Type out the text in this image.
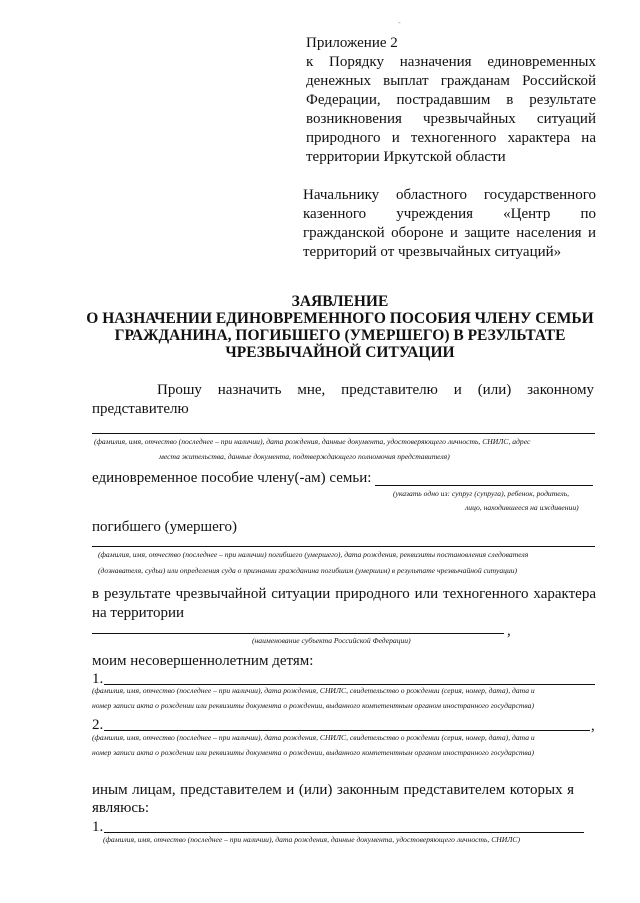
-
Приложение 2
к Порядку назначения единовременных
денежных выплат гражданам Российской
Федерации, пострадавшим в результате
возникновения чрезвычайных ситуаций
природного и техногенного характера на
территории Иркутской области
Начальнику областного государственного
казенного учреждения «Центр по
гражданской обороне и защите населения и
территорий от чрезвычайных ситуаций»
ЗАЯВЛЕНИЕ
О НАЗНАЧЕНИИ ЕДИНОВРЕМЕННОГО ПОСОБИЯ ЧЛЕНУ СЕМЬИ
ГРАЖДАНИНА, ПОГИБШЕГО (УМЕРШЕГО) В РЕЗУЛЬТАТЕ
ЧРЕЗВЫЧАЙНОЙ СИТУАЦИИ
Прошу назначить мне, представителю и (или) законному
представителю
(фамилия, имя, отчество (последнее – при наличии), дата рождения, данные документа, удостоверяющего личность, СНИЛС, адрес
места жительства, данные документа, подтверждающего полномочия представителя)
единовременное пособие члену(-ам) семьи:
(указать одно из: супруг (супруга), ребенок, родитель,
лицо, находившееся на иждивении)
погибшего (умершего)
(фамилия, имя, отчество (последнее – при наличии) погибшего (умершего), дата рождения, реквизиты постановления следователя
(дознавателя, судьи) или определения суда о признании гражданина погибшим (умершим) в результате чрезвычайной ситуации)
в результате чрезвычайной ситуации природного или техногенного характера
на территории
,
(наименование субъекта Российской Федерации)
моим несовершеннолетним детям:
1.
(фамилия, имя, отчество (последнее – при наличии), дата рождения, СНИЛС, свидетельство о рождении (серия, номер, дата), дата и
номер записи акта о рождении или реквизиты документа о рождении, выданного компетентным органом иностранного государства)
2.	,
(фамилия, имя, отчество (последнее – при наличии), дата рождения, СНИЛС, свидетельство о рождении (серия, номер, дата), дата и
номер записи акта о рождении или реквизиты документа о рождении, выданного компетентным органом иностранного государства)
иным лицам, представителем и (или) законным представителем которых я
являюсь:
1.
(фамилия, имя, отчество (последнее – при наличии), дата рождения, данные документа, удостоверяющего личность, СНИЛС)
